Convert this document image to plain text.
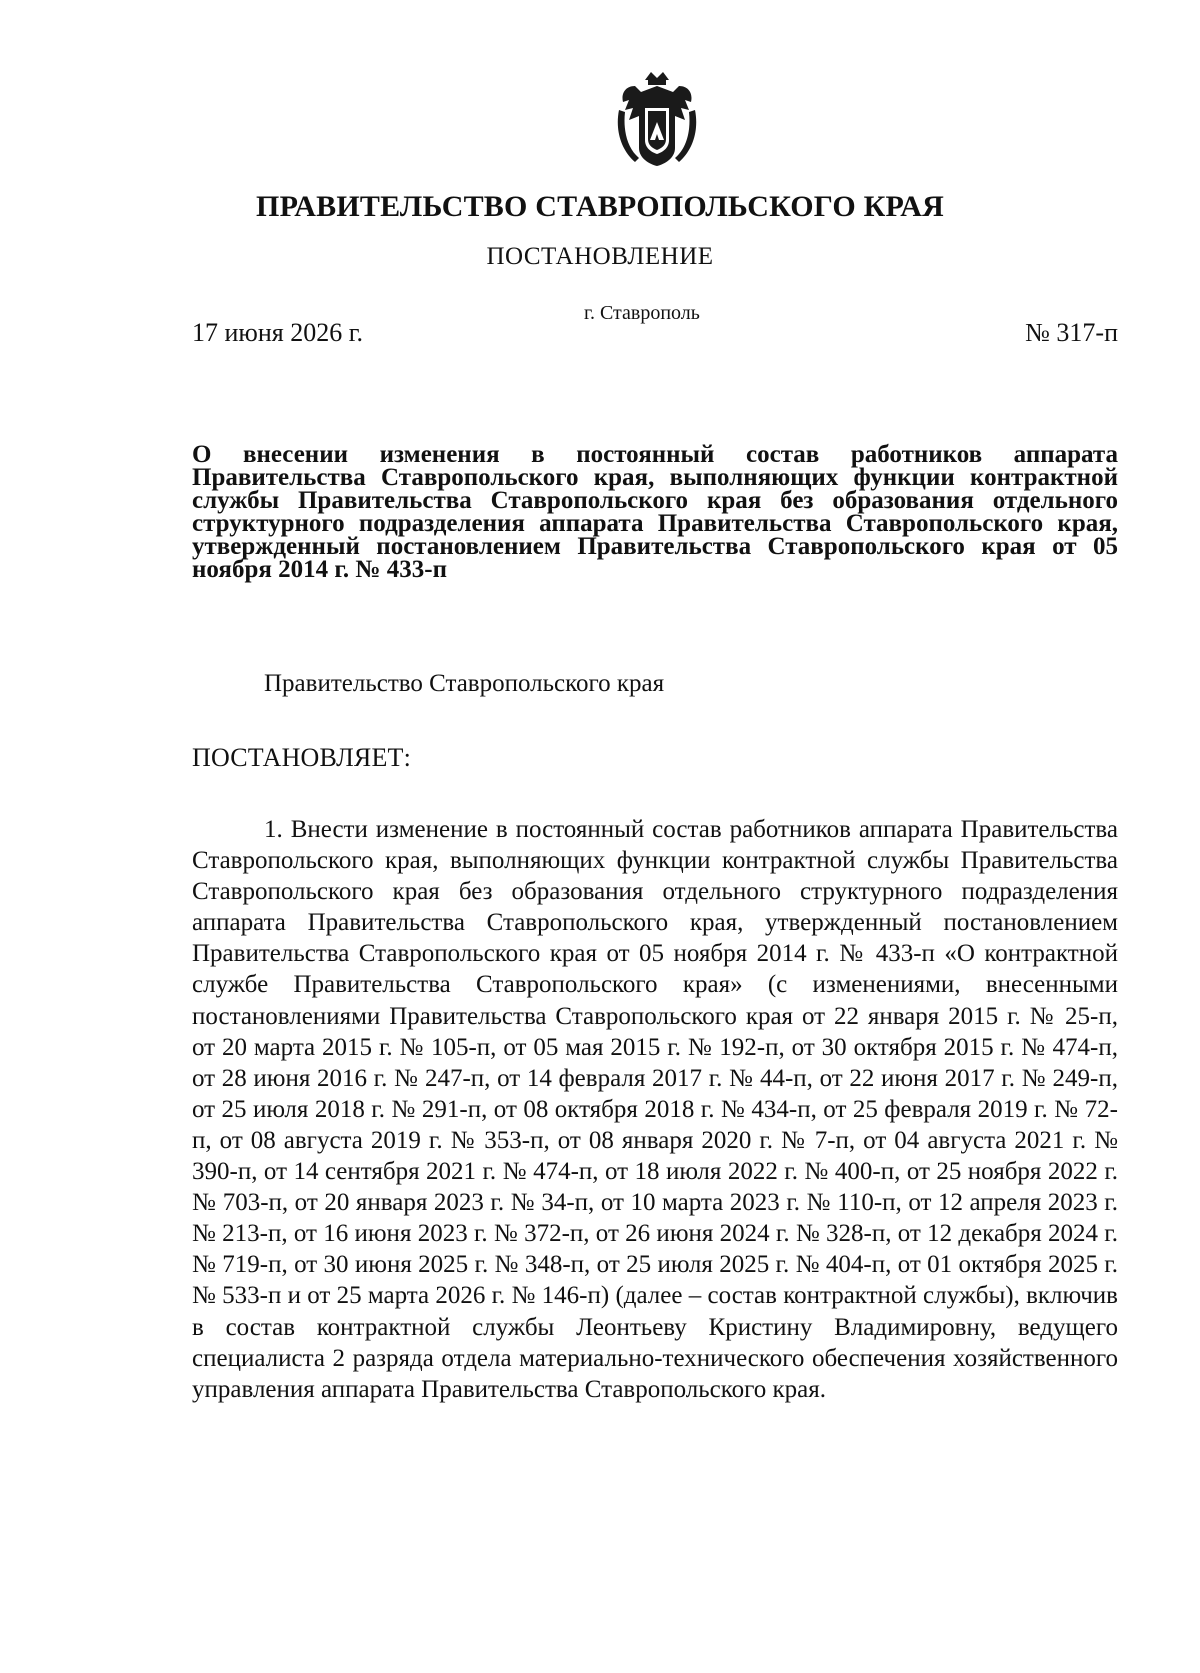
ПРАВИТЕЛЬСТВО СТАВРОПОЛЬСКОГО КРАЯ
ПОСТАНОВЛЕНИЕ
17 июня 2026 г.
г. Ставрополь
№ 317-п
О внесении изменения в постоянный состав работников аппарата Правительства Ставропольского края, выполняющих функции контрактной службы Правительства Ставропольского края без образования отдельного структурного подразделения аппарата Правительства Ставропольского края, утвержденный постановлением Правительства Ставропольского края от 05 ноября 2014 г. № 433-п
Правительство Ставропольского края
ПОСТАНОВЛЯЕТ:

1. Внести изменение в постоянный состав работников аппарата Правительства Ставропольского края, выполняющих функции контрактной службы Правительства Ставропольского края без образования отдельного структурного подразделения аппарата Правительства Ставропольского края, утвержденный постановлением Правительства Ставропольского края от 05 ноября 2014 г. № 433-п «О контрактной службе Правительства Ставропольского края» (с изменениями, внесенными постановлениями Правительства Ставропольского края от 22 января 2015 г. № 25-п, от 20 марта 2015 г. № 105-п, от 05 мая 2015 г. № 192-п, от 30 октября 2015 г. № 474-п, от 28 июня 2016 г. № 247-п, от 14 февраля 2017 г. № 44-п, от 22 июня 2017 г. № 249-п, от 25 июля 2018 г. № 291-п, от 08 октября 2018 г. № 434-п, от 25 февраля 2019 г. № 72-п, от 08 августа 2019 г. № 353-п, от 08 января 2020 г. № 7-п, от 04 августа 2021 г. № 390-п, от 14 сентября 2021 г. № 474-п, от 18 июля 2022 г. № 400-п, от 25 ноября 2022 г. № 703-п, от 20 января 2023 г. № 34-п, от 10 марта 2023 г. № 110-п, от 12 апреля 2023 г. № 213-п, от 16 июня 2023 г. № 372-п, от 26 июня 2024 г. № 328-п, от 12 декабря 2024 г. № 719-п, от 30 июня 2025 г. № 348-п, от 25 июля 2025 г. № 404-п, от 01 октября 2025 г. № 533-п и от 25 марта 2026 г. № 146-п) (далее – состав контрактной службы), включив в состав контрактной службы Леонтьеву Кристину Владимировну, ведущего специалиста 2 разряда отдела материально-технического обеспечения хозяйственного управления аппарата Правительства Ставропольского края.
